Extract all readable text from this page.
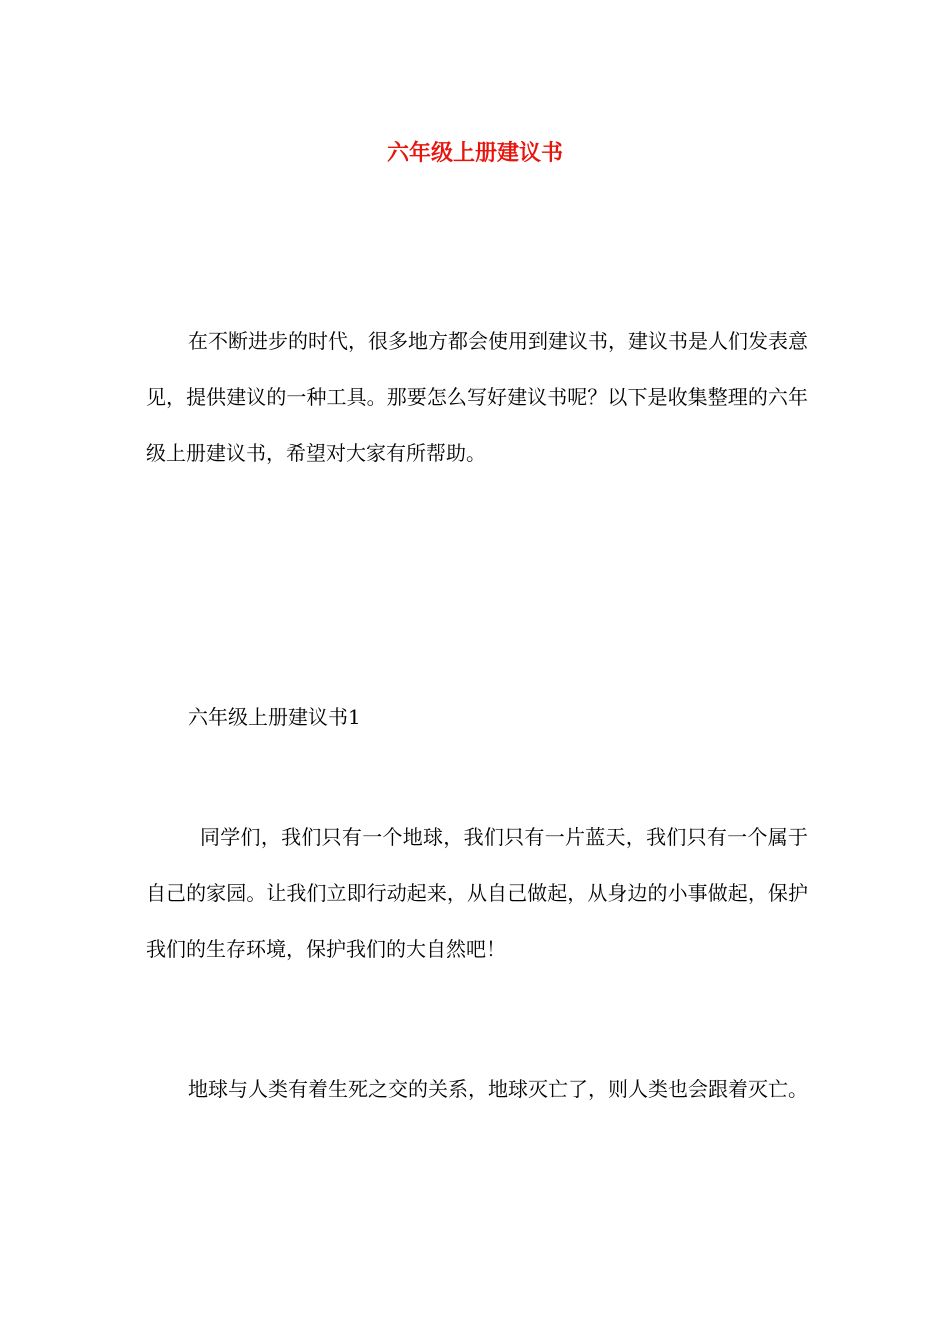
六年级上册建议书

在不断进步的时代，很多地方都会使用到建议书，建议书是人们发表意见，提供建议的一种工具。那要怎么写好建议书呢？以下是收集整理的六年级上册建议书，希望对大家有所帮助。

六年级上册建议书1

同学们，我们只有一个地球，我们只有一片蓝天，我们只有一个属于自己的家园。让我们立即行动起来，从自己做起，从身边的小事做起，保护我们的生存环境，保护我们的大自然吧！

地球与人类有着生死之交的关系，地球灭亡了，则人类也会跟着灭亡。
